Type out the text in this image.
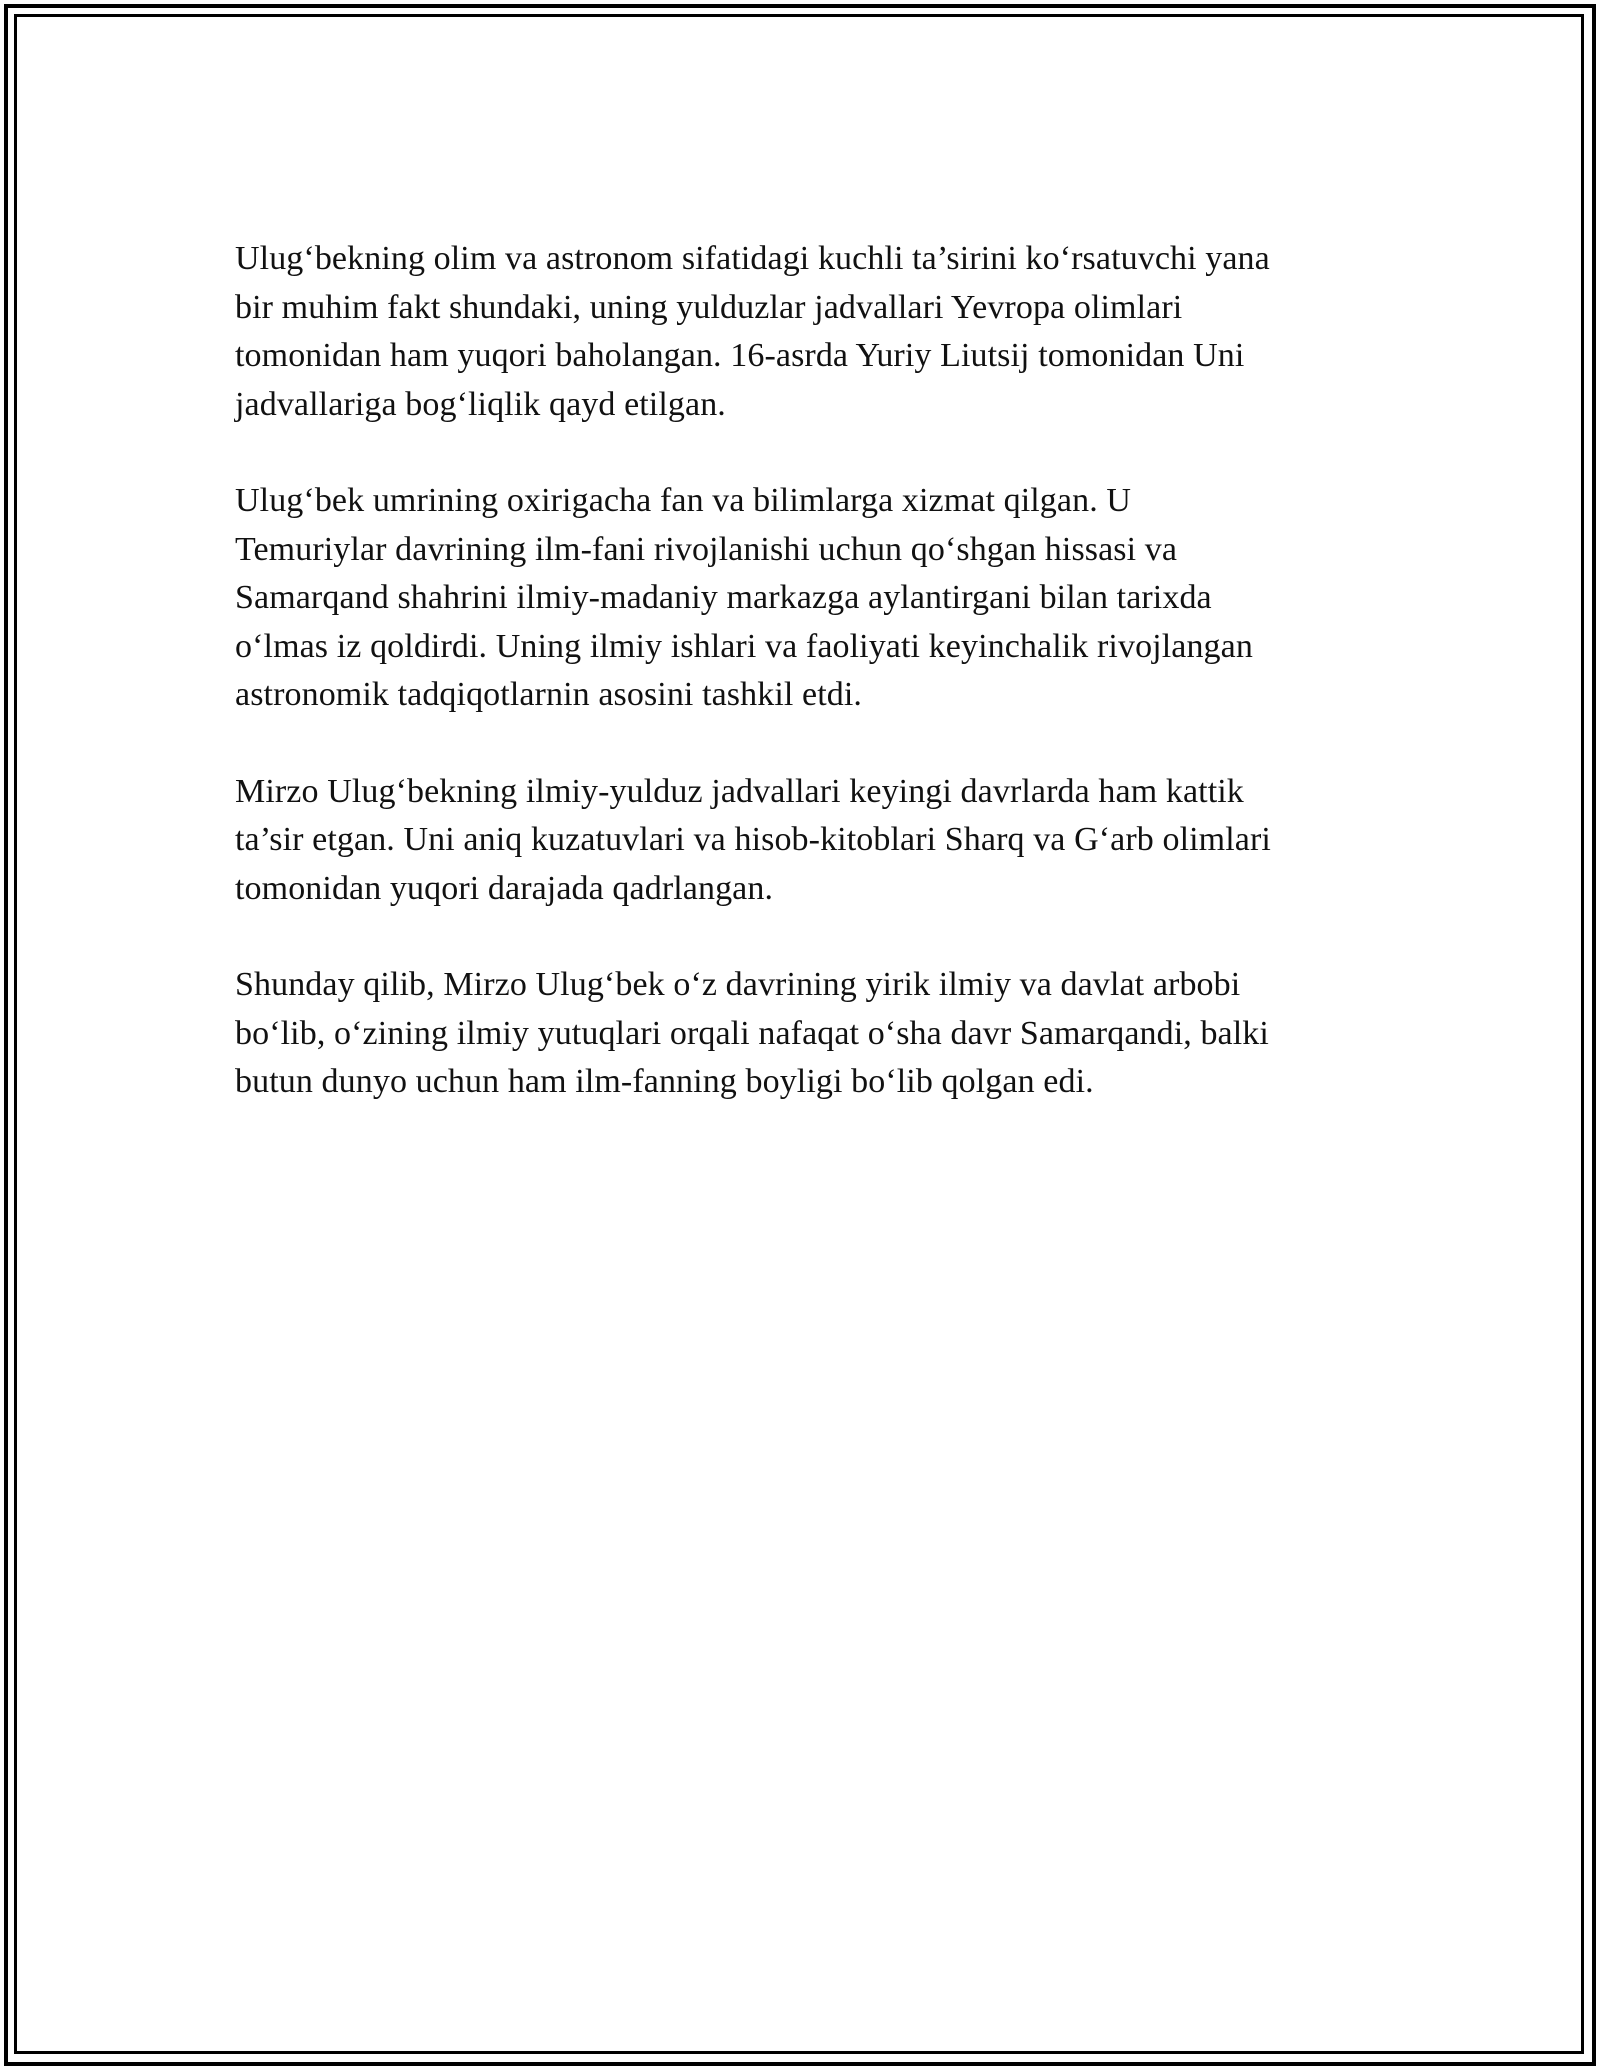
Ulug‘bekning olim va astronom sifatidagi kuchli ta’sirini ko‘rsatuvchi yana
bir muhim fakt shundaki, uning yulduzlar jadvallari Yevropa olimlari
tomonidan ham yuqori baholangan. 16-asrda Yuriy Liutsij tomonidan Uni
jadvallariga bog‘liqlik qayd etilgan.

Ulug‘bek umrining oxirigacha fan va bilimlarga xizmat qilgan. U
Temuriylar davrining ilm-fani rivojlanishi uchun qo‘shgan hissasi va
Samarqand shahrini ilmiy-madaniy markazga aylantirgani bilan tarixda
o‘lmas iz qoldirdi. Uning ilmiy ishlari va faoliyati keyinchalik rivojlangan
astronomik tadqiqotlarnin asosini tashkil etdi.

Mirzo Ulug‘bekning ilmiy-yulduz jadvallari keyingi davrlarda ham kattik
ta’sir etgan. Uni aniq kuzatuvlari va hisob-kitoblari Sharq va G‘arb olimlari
tomonidan yuqori darajada qadrlangan.

Shunday qilib, Mirzo Ulug‘bek o‘z davrining yirik ilmiy va davlat arbobi
bo‘lib, o‘zining ilmiy yutuqlari orqali nafaqat o‘sha davr Samarqandi, balki
butun dunyo uchun ham ilm-fanning boyligi bo‘lib qolgan edi.
